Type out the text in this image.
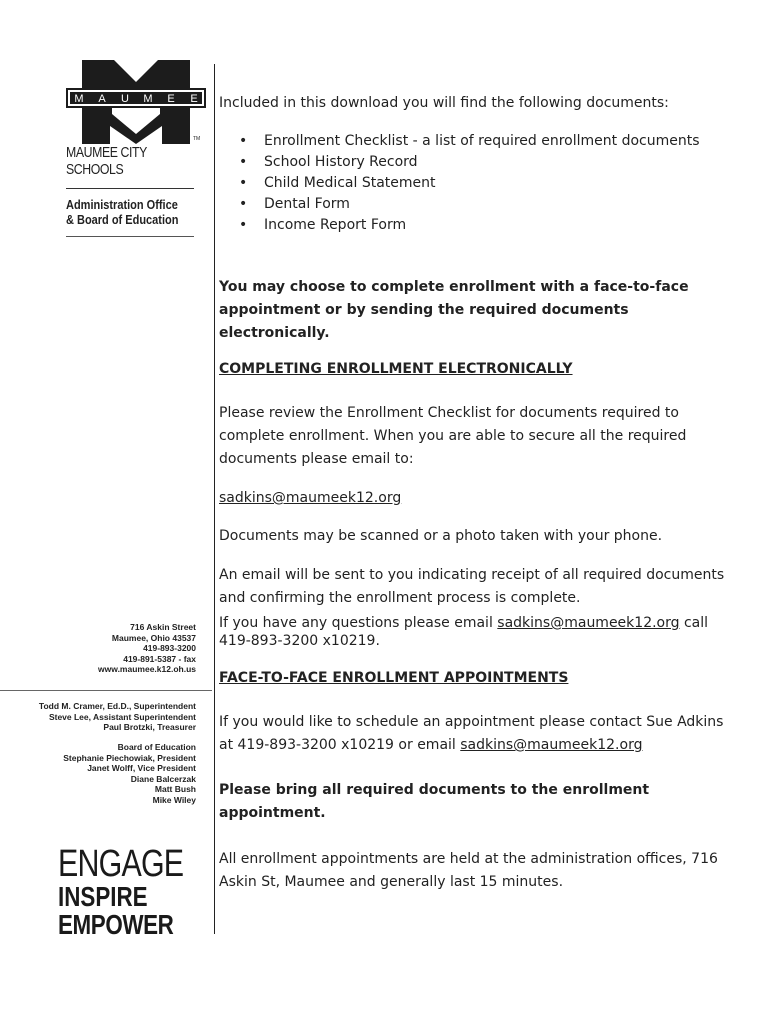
M A U M E E
TM
MAUMEE CITY SCHOOLS
Administration Office
& Board of Education
716 Askin Street
Maumee, Ohio 43537
419-893-3200
419-891-5387 - fax
www.maumee.k12.oh.us
Todd M. Cramer, Ed.D., Superintendent
Steve Lee, Assistant Superintendent
Paul Brotzki, Treasurer
Board of Education
Stephanie Piechowiak, President
Janet Wolff, Vice President
Diane Balcerzak
Matt Bush
Mike Wiley
ENGAGE
INSPIRE
EMPOWER
Included in this download you will find the following documents:
• Enrollment Checklist - a list of required enrollment documents
• School History Record
• Child Medical Statement
• Dental Form
• Income Report Form
You may choose to complete enrollment with a face-to-face appointment or by sending the required documents electronically.
COMPLETING ENROLLMENT ELECTRONICALLY
Please review the Enrollment Checklist for documents required to complete enrollment. When you are able to secure all the required documents please email to:
sadkins@maumeek12.org
Documents may be scanned or a photo taken with your phone.
An email will be sent to you indicating receipt of all required documents and confirming the enrollment process is complete.
If you have any questions please email sadkins@maumeek12.org call 419-893-3200 x10219.
FACE-TO-FACE ENROLLMENT APPOINTMENTS
If you would like to schedule an appointment please contact Sue Adkins at 419-893-3200 x10219 or email sadkins@maumeek12.org
Please bring all required documents to the enrollment appointment.
All enrollment appointments are held at the administration offices, 716 Askin St, Maumee and generally last 15 minutes.
